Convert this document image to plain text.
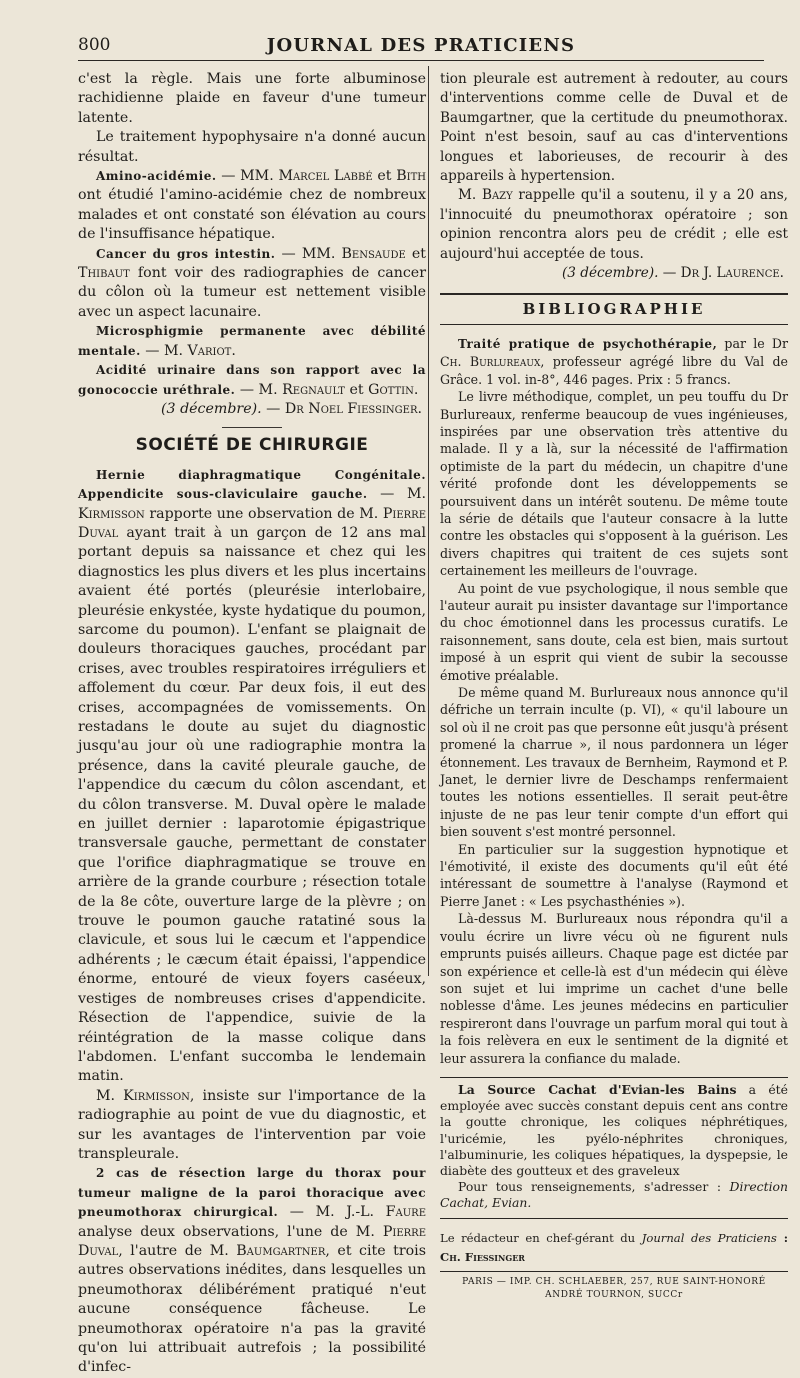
800	JOURNAL DES PRATICIENS

c'est la règle. Mais une forte albuminose rachidienne plaide en faveur d'une tumeur latente.

Le traitement hypophysaire n'a donné aucun résultat.

Amino-acidémie. — MM. Marcel Labbé et Bith ont étudié l'amino-acidémie chez de nombreux malades et ont constaté son élévation au cours de l'insuffisance hépatique.

Cancer du gros intestin. — MM. Bensaude et Thibaut font voir des radiographies de cancer du côlon où la tumeur est nettement visible avec un aspect lacunaire.

Microsphigmie permanente avec débilité mentale. — M. Variot.

Acidité urinaire dans son rapport avec la gonococcie uréthrale. — M. Regnault et Gottin.

(3 décembre). — Dr Noel Fiessinger.

SOCIÉTÉ DE CHIRURGIE

Hernie diaphragmatique Congénitale. Appendicite sous-claviculaire gauche. — M. Kirmisson rapporte une observation de M. Pierre Duval ayant trait à un garçon de 12 ans mal portant depuis sa naissance et chez qui les diagnostics les plus divers et les plus incertains avaient été portés (pleurésie interlobaire, pleurésie enkystée, kyste hydatique du poumon, sarcome du poumon). L'enfant se plaignait de douleurs thoraciques gauches, procédant par crises, avec troubles respiratoires irréguliers et affolement du cœur. Par deux fois, il eut des crises, accompagnées de vomissements. On restadans le doute au sujet du diagnostic jusqu'au jour où une radiographie montra la présence, dans la cavité pleurale gauche, de l'appendice du cæcum du côlon ascendant, et du côlon transverse. M. Duval opère le malade en juillet dernier : laparotomie épigastrique transversale gauche, permettant de constater que l'orifice diaphragmatique se trouve en arrière de la grande courbure ; résection totale de la 8e côte, ouverture large de la plèvre ; on trouve le poumon gauche ratatiné sous la clavicule, et sous lui le cæcum et l'appendice adhérents ; le cæcum était épaissi, l'appendice énorme, entouré de vieux foyers caséeux, vestiges de nombreuses crises d'appendicite. Résection de l'appendice, suivie de la réintégration de la masse colique dans l'abdomen. L'enfant succomba le lendemain matin.

M. Kirmisson, insiste sur l'importance de la radiographie au point de vue du diagnostic, et sur les avantages de l'intervention par voie transpleurale.

2 cas de résection large du thorax pour tumeur maligne de la paroi thoracique avec pneumothorax chirurgical. — M. J.-L. Faure analyse deux observations, l'une de M. Pierre Duval, l'autre de M. Baumgartner, et cite trois autres observations inédites, dans lesquelles un pneumothorax délibérément pratiqué n'eut aucune conséquence fâcheuse. Le pneumothorax opératoire n'a pas la gravité qu'on lui attribuait autrefois ; la possibilité d'infec-

tion pleurale est autrement à redouter, au cours d'interventions comme celle de Duval et de Baumgartner, que la certitude du pneumothorax. Point n'est besoin, sauf au cas d'interventions longues et laborieuses, de recourir à des appareils à hypertension.

M. Bazy rappelle qu'il a soutenu, il y a 20 ans, l'innocuité du pneumothorax opératoire ; son opinion rencontra alors peu de crédit ; elle est aujourd'hui acceptée de tous.

(3 décembre). — Dr J. Laurence.

BIBLIOGRAPHIE

Traité pratique de psychothérapie, par le Dr Ch. Burlureaux, professeur agrégé libre du Val de Grâce. 1 vol. in-8°, 446 pages. Prix : 5 francs.

Le livre méthodique, complet, un peu touffu du Dr Burlureaux, renferme beaucoup de vues ingénieuses, inspirées par une observation très attentive du malade. Il y a là, sur la nécessité de l'affirmation optimiste de la part du médecin, un chapitre d'une vérité profonde dont les développements se poursuivent dans un intérêt soutenu. De même toute la série de détails que l'auteur consacre à la lutte contre les obstacles qui s'opposent à la guérison. Les divers chapitres qui traitent de ces sujets sont certainement les meilleurs de l'ouvrage.

Au point de vue psychologique, il nous semble que l'auteur aurait pu insister davantage sur l'importance du choc émotionnel dans les processus curatifs. Le raisonnement, sans doute, cela est bien, mais surtout imposé à un esprit qui vient de subir la secousse émotive préalable.

De même quand M. Burlureaux nous annonce qu'il défriche un terrain inculte (p. VI), « qu'il laboure un sol où il ne croit pas que personne eût jusqu'à présent promené la charrue », il nous pardonnera un léger étonnement. Les travaux de Bernheim, Raymond et P. Janet, le dernier livre de Deschamps renfermaient toutes les notions essentielles. Il serait peut-être injuste de ne pas leur tenir compte d'un effort qui bien souvent s'est montré personnel.

En particulier sur la suggestion hypnotique et l'émotivité, il existe des documents qu'il eût été intéressant de soumettre à l'analyse (Raymond et Pierre Janet : « Les psychasthénies »).

Là-dessus M. Burlureaux nous répondra qu'il a voulu écrire un livre vécu où ne figurent nuls emprunts puisés ailleurs. Chaque page est dictée par son expérience et celle-là est d'un médecin qui élève son sujet et lui imprime un cachet d'une belle noblesse d'âme. Les jeunes médecins en particulier respireront dans l'ouvrage un parfum moral qui tout à la fois relèvera en eux le sentiment de la dignité et leur assurera la confiance du malade.

La Source Cachat d'Evian-les Bains a été employée avec succès constant depuis cent ans contre la goutte chronique, les coliques néphrétiques, l'uricémie, les pyélo-néphrites chroniques, l'albuminurie, les coliques hépatiques, la dyspepsie, le diabète des goutteux et des graveleux

Pour tous renseignements, s'adresser : Direction Cachat, Evian.

Le rédacteur en chef-gérant du Journal des Praticiens : Ch. Fiessinger
PARIS — IMP. CH. SCHLAEBER, 257, RUE SAINT-HONORÉ
ANDRÉ TOURNON, SUCCr
